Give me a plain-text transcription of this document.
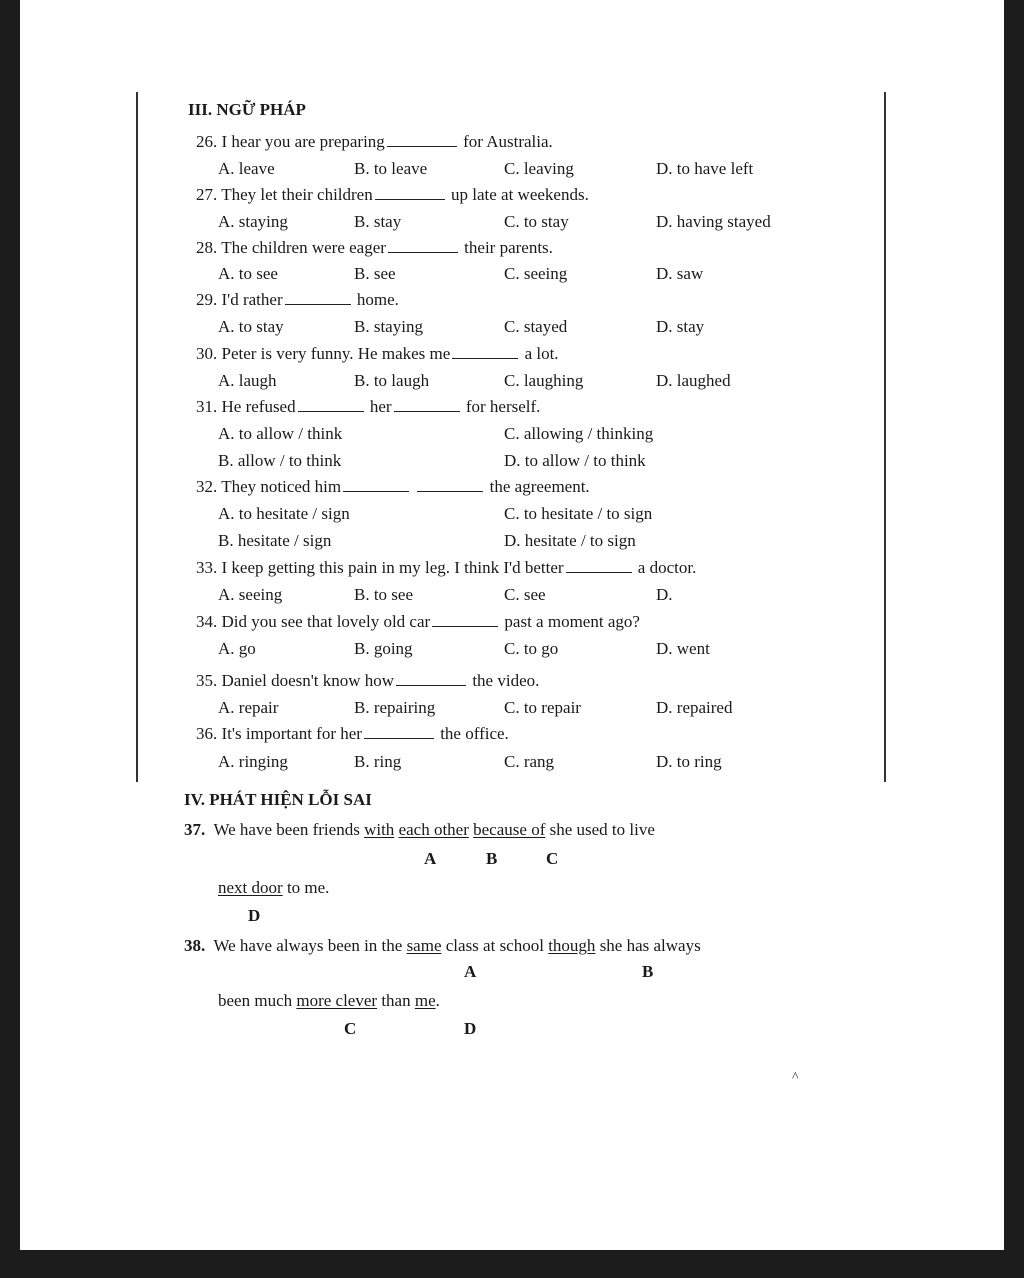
III. NGỮ PHÁP
26. I hear you are preparing	for Australia.
A. leave	B. to leave	C. leaving	D. to have left
27. They let their children	up late at weekends.
A. staying	B. stay	C. to stay	D. having stayed
28. The children were eager	their parents.
A. to see	B. see	C. seeing	D. saw
29. I'd rather	home.
A. to stay	B. staying	C. stayed	D. stay
30. Peter is very funny. He makes me	a lot.
A. laugh	B. to laugh	C. laughing	D. laughed
31. He refused	her	for herself.
A. to allow / think	C. allowing / thinking
B. allow / to think	D. to allow / to think
32. They noticed him	the agreement.
A. to hesitate / sign	C. to hesitate / to sign
B. hesitate / sign	D. hesitate / to sign
33. I keep getting this pain in my leg. I think I'd better	a doctor.
A. seeing	B. to see	C. see	D.
34. Did you see that lovely old car	past a moment ago?
A. go	B. going	C. to go	D. went
35. Daniel doesn't know how	the video.
A. repair	B. repairing	C. to repair	D. repaired
36. It's important for her	the office.
A. ringing	B. ring	C. rang	D. to ring
IV. PHÁT HIỆN LỖI SAI
37. We have been friends with each other because of she used to live
A	B	C
next door to me.
D
38. We have always been in the same class at school though she has always
A	B
been much more clever than me.
C	D
^
